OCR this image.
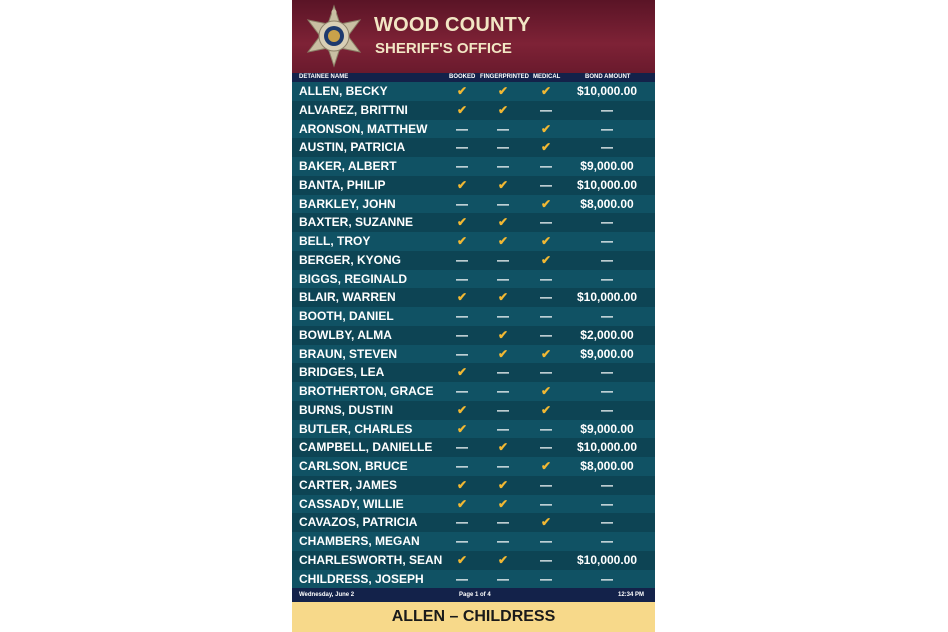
WOOD COUNTY
SHERIFF'S OFFICE
DETAINEE NAME	BOOKED FINGERPRINTED MEDICAL	BOND AMOUNT
ALLEN, BECKY	✔	✔	✔	$10,000.00
ALVAREZ, BRITTNI	✔	✔	—	—
ARONSON, MATTHEW	—	—	✔	—
AUSTIN, PATRICIA	—	—	✔	—
BAKER, ALBERT	—	—	—	$9,000.00
BANTA, PHILIP	✔	✔	—	$10,000.00
BARKLEY, JOHN	—	—	✔	$8,000.00
BAXTER, SUZANNE	✔	✔	—	—
BELL, TROY	✔	✔	✔	—
BERGER, KYONG	—	—	✔	—
BIGGS, REGINALD	—	—	—	—
BLAIR, WARREN	✔	✔	—	$10,000.00
BOOTH, DANIEL	—	—	—	—
BOWLBY, ALMA	—	✔	—	$2,000.00
BRAUN, STEVEN	—	✔	✔	$9,000.00
BRIDGES, LEA	✔	—	—	—
BROTHERTON, GRACE	—	—	✔	—
BURNS, DUSTIN	✔	—	✔	—
BUTLER, CHARLES	✔	—	—	$9,000.00
CAMPBELL, DANIELLE	—	✔	—	$10,000.00
CARLSON, BRUCE	—	—	✔	$8,000.00
CARTER, JAMES	✔	✔	—	—
CASSADY, WILLIE	✔	✔	—	—
CAVAZOS, PATRICIA	—	—	✔	—
CHAMBERS, MEGAN	—	—	—	—
CHARLESWORTH, SEAN	✔	✔	—	$10,000.00
CHILDRESS, JOSEPH	—	—	—	—
Wednesday, June 2	Page 1 of 4	12:34 PM
ALLEN – CHILDRESS
